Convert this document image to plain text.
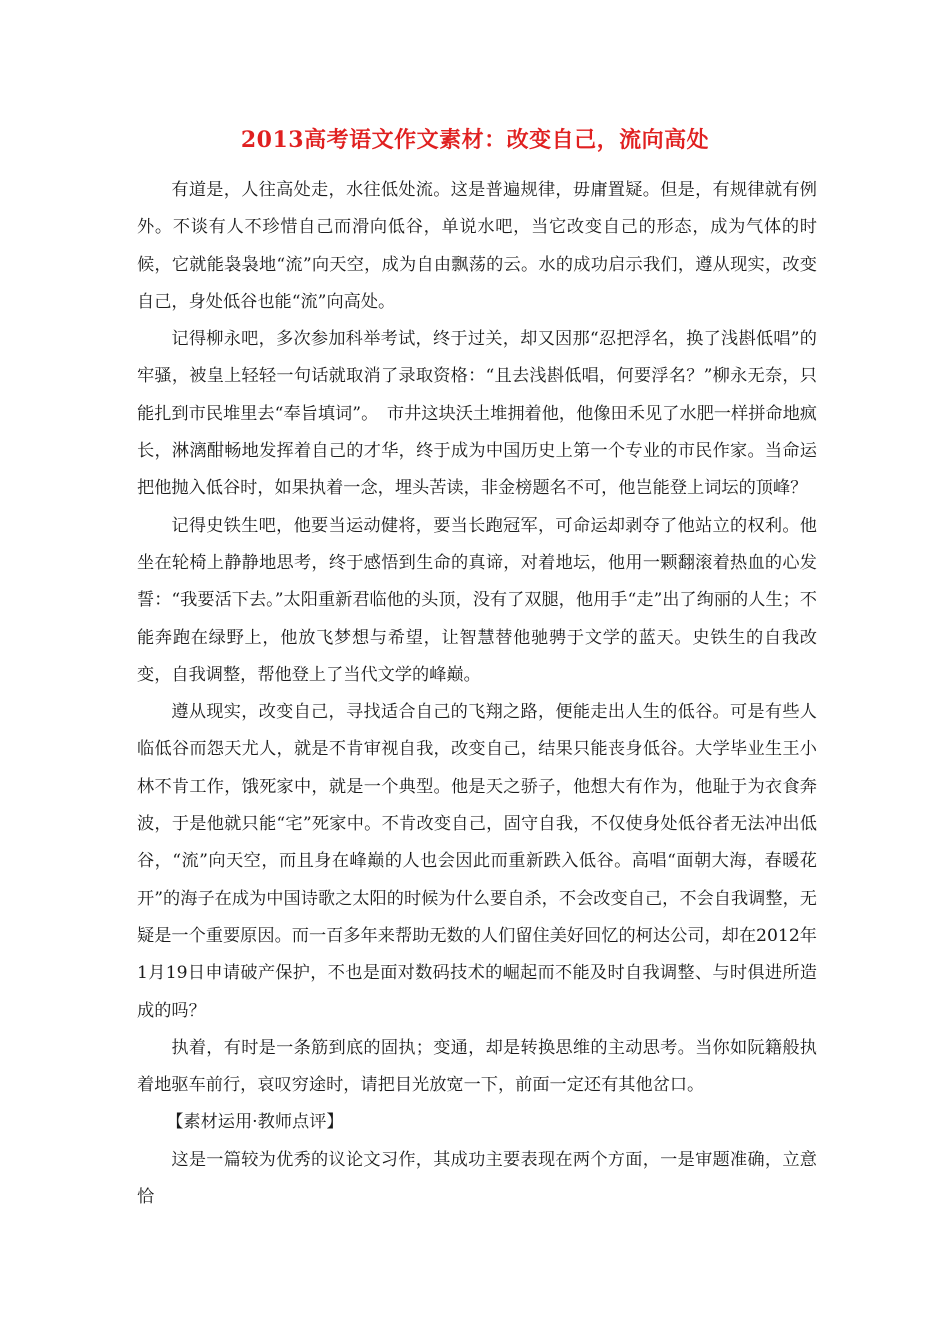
2013高考语文作文素材：改变自己，流向高处

有道是，人往高处走，水往低处流。这是普遍规律，毋庸置疑。但是，有规律就有例外。不谈有人不珍惜自己而滑向低谷，单说水吧，当它改变自己的形态，成为气体的时候，它就能袅袅地“流”向天空，成为自由飘荡的云。水的成功启示我们，遵从现实，改变自己，身处低谷也能“流”向高处。

记得柳永吧，多次参加科举考试，终于过关，却又因那“忍把浮名，换了浅斟低唱”的牢骚，被皇上轻轻一句话就取消了录取资格：“且去浅斟低唱，何要浮名？”柳永无奈，只能扎到市民堆里去“奉旨填词”。　市井这块沃土堆拥着他，他像田禾见了水肥一样拼命地疯长，淋漓酣畅地发挥着自己的才华，终于成为中国历史上第一个专业的市民作家。当命运把他抛入低谷时，如果执着一念，埋头苦读，非金榜题名不可，他岂能登上词坛的顶峰？

记得史铁生吧，他要当运动健将，要当长跑冠军，可命运却剥夺了他站立的权利。他坐在轮椅上静静地思考，终于感悟到生命的真谛，对着地坛，他用一颗翻滚着热血的心发誓：“我要活下去。”太阳重新君临他的头顶，没有了双腿，他用手“走”出了绚丽的人生；不能奔跑在绿野上，他放飞梦想与希望，让智慧替他驰骋于文学的蓝天。史铁生的自我改变，自我调整，帮他登上了当代文学的峰巅。

遵从现实，改变自己，寻找适合自己的飞翔之路，便能走出人生的低谷。可是有些人临低谷而怨天尤人，就是不肯审视自我，改变自己，结果只能丧身低谷。大学毕业生王小林不肯工作，饿死家中，就是一个典型。他是天之骄子，他想大有作为，他耻于为衣食奔波，于是他就只能“宅”死家中。不肯改变自己，固守自我，不仅使身处低谷者无法冲出低谷，“流”向天空，而且身在峰巅的人也会因此而重新跌入低谷。高唱“面朝大海，春暖花开”的海子在成为中国诗歌之太阳的时候为什么要自杀，不会改变自己，不会自我调整，无疑是一个重要原因。而一百多年来帮助无数的人们留住美好回忆的柯达公司，却在2012年1月19日申请破产保护，不也是面对数码技术的崛起而不能及时自我调整、与时俱进所造成的吗？

执着，有时是一条筋到底的固执；变通，却是转换思维的主动思考。当你如阮籍般执着地驱车前行，哀叹穷途时，请把目光放宽一下，前面一定还有其他岔口。

【素材运用·教师点评】

这是一篇较为优秀的议论文习作，其成功主要表现在两个方面，一是审题准确，立意恰
